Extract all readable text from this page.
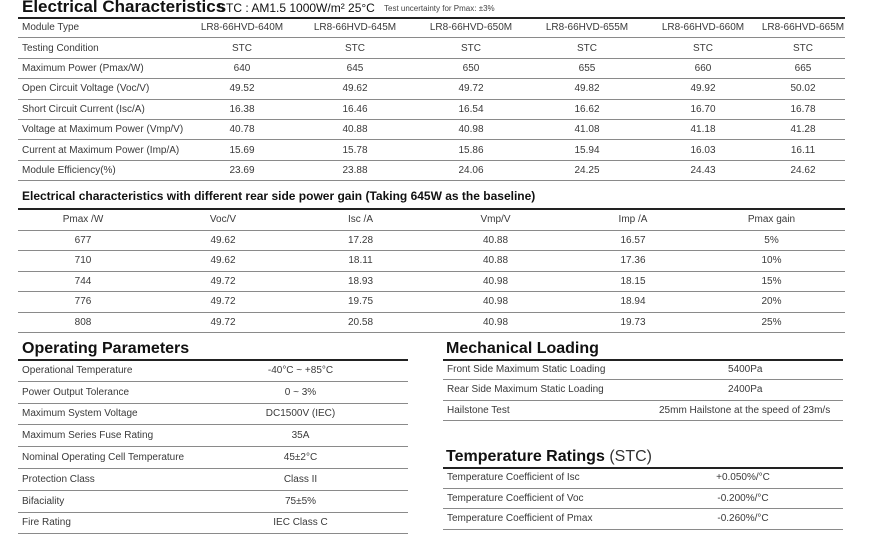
Electrical Characteristics
STC : AM1.5 1000W/m² 25°C Test uncertainty for Pmax: ±3%
Module Type	LR8-66HVD-640M	LR8-66HVD-645M	LR8-66HVD-650M	LR8-66HVD-655M	LR8-66HVD-660M	LR8-66HVD-665M
Testing Condition	STC	STC	STC	STC	STC	STC
Maximum Power (Pmax/W)	640	645	650	655	660	665
Open Circuit Voltage (Voc/V)	49.52	49.62	49.72	49.82	49.92	50.02
Short Circuit Current (Isc/A)	16.38	16.46	16.54	16.62	16.70	16.78
Voltage at Maximum Power (Vmp/V)	40.78	40.88	40.98	41.08	41.18	41.28
Current at Maximum Power (Imp/A)	15.69	15.78	15.86	15.94	16.03	16.11
Module Efficiency(%)	23.69	23.88	24.06	24.25	24.43	24.62
Electrical characteristics with different rear side power gain (Taking 645W as the baseline)
Pmax /W	Voc/V	Isc /A	Vmp/V	Imp /A	Pmax gain
677	49.62	17.28	40.88	16.57	5%
710	49.62	18.11	40.88	17.36	10%
744	49.72	18.93	40.98	18.15	15%
776	49.72	19.75	40.98	18.94	20%
808	49.72	20.58	40.98	19.73	25%
Operating Parameters
Operational Temperature	-40°C ~ +85°C
Power Output Tolerance	0 ~ 3%
Maximum System Voltage	DC1500V (IEC)
Maximum Series Fuse Rating	35A
Nominal Operating Cell Temperature	45±2°C
Protection Class	Class II
Bifaciality	75±5%
Fire Rating	IEC Class C
Mechanical Loading
Front Side Maximum Static Loading	5400Pa
Rear Side Maximum Static Loading	2400Pa
Hailstone Test	25mm Hailstone at the speed of 23m/s
Temperature Ratings (STC)
Temperature Coefficient of Isc	+0.050%/°C
Temperature Coefficient of Voc	-0.200%/°C
Temperature Coefficient of Pmax	-0.260%/°C
